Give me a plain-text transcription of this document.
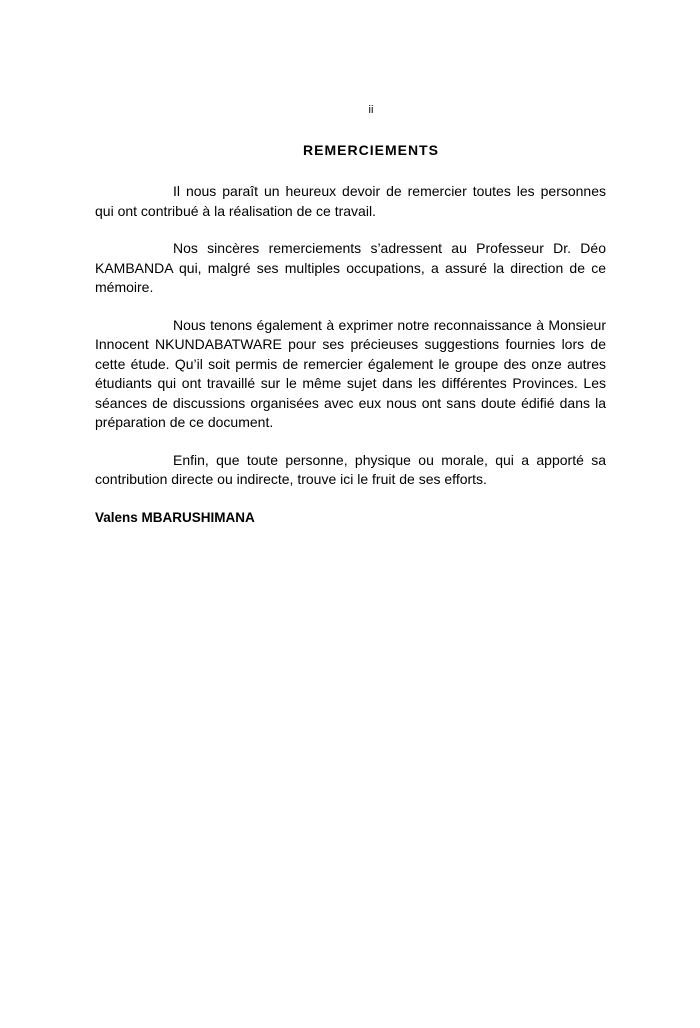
ii
REMERCIEMENTS

Il nous paraît un heureux devoir de remercier toutes les personnes qui ont contribué à la réalisation de ce travail.

Nos sincères remerciements s’adressent au Professeur Dr. Déo KAMBANDA qui, malgré ses multiples occupations, a assuré la direction de ce mémoire.

Nous tenons également à exprimer notre reconnaissance à Monsieur Innocent NKUNDABATWARE pour ses précieuses suggestions fournies lors de cette étude. Qu’il soit permis de remercier également le groupe des onze autres étudiants qui ont travaillé sur le même sujet dans les différentes Provinces. Les séances de discussions organisées avec eux nous ont sans doute édifié dans la préparation de ce document.

Enfin, que toute personne, physique ou morale, qui a apporté sa contribution directe ou indirecte, trouve ici le fruit de ses efforts.

Valens MBARUSHIMANA
